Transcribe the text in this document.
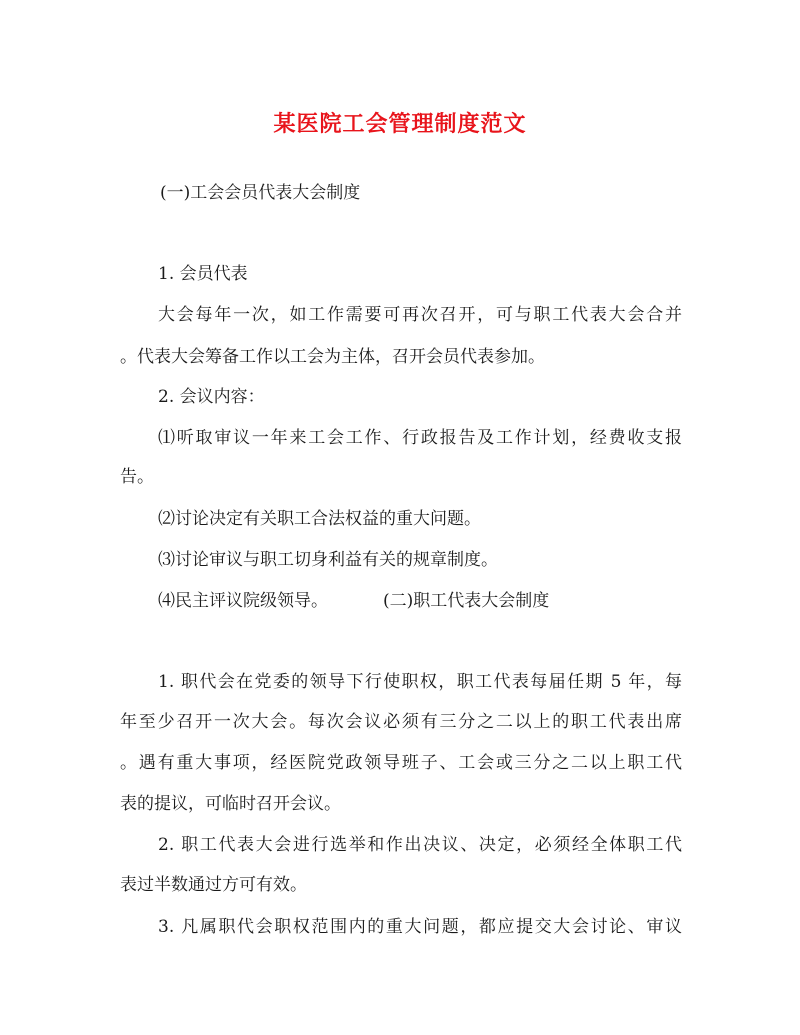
某医院工会管理制度范文
(一)工会会员代表大会制度
1. 会员代表
大会每年一次，如工作需要可再次召开，可与职工代表大会合并
。代表大会筹备工作以工会为主体，召开会员代表参加。
2. 会议内容：
⑴听取审议一年来工会工作、行政报告及工作计划，经费收支报
告。
⑵讨论决定有关职工合法权益的重大问题。
⑶讨论审议与职工切身利益有关的规章制度。
⑷民主评议院级领导。	(二)职工代表大会制度
1. 职代会在党委的领导下行使职权，职工代表每届任期 5 年，每
年至少召开一次大会。每次会议必须有三分之二以上的职工代表出席
。遇有重大事项，经医院党政领导班子、工会或三分之二以上职工代
表的提议，可临时召开会议。
2. 职工代表大会进行选举和作出决议、决定，必须经全体职工代
表过半数通过方可有效。
3. 凡属职代会职权范围内的重大问题，都应提交大会讨论、审议
